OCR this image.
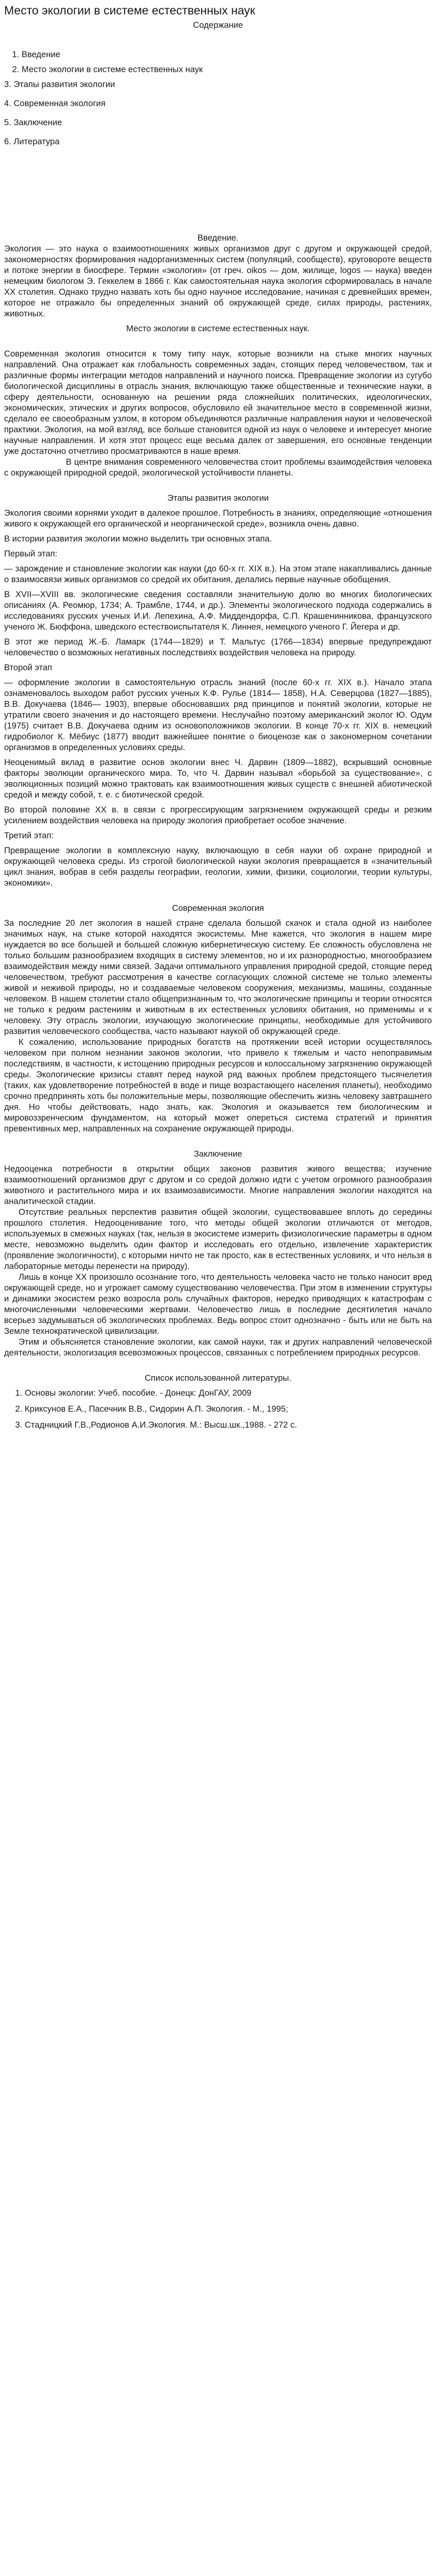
Место экологии в системе естественных наук
Содержание
1. Введение
2. Место экологии в системе естественных наук
3. Этапы развития экологии
4. Современная экология
5. Заключение
6. Литература
Введение.

Экология — это наука о взаимоотношениях живых организмов друг с другом и окружающей средой, закономерностях формирования надорганизменных систем (популяций, сообществ), круговороте веществ и потоке энергии в биосфере. Термин «экология» (от греч. oikos — дом, жилище, logos — наука) введен немецким биологом Э. Геккелем в 1866 г. Как самостоятельная наука экология сформировалась в начале ХХ столетия. Однако трудно назвать хоть бы одно научное исследование, начиная с древнейших времен, которое не отражало бы определенных знаний об окружающей среде, силах природы, растениях, животных.

Место экологии в системе естественных наук.

Современная экология относится к тому типу наук, которые возникли на стыке многих научных направлений. Она отражает как глобальность современных задач, стоящих перед человечеством, так и различные формы интеграции методов направлений и научного поиска. Превращение экологии из сугубо биологической дисциплины в отрасль знания, включающую также общественные и технические науки, в сферу деятельности, основанную на решении ряда сложнейших политических, идеологических, экономических, этических и других вопросов, обусловило ей значительное место в современной жизни, сделало ее своеобразным узлом, в котором объединяются различные направления науки и человеческой практики. Экология, на мой взгляд, все больше становится одной из наук о человеке и интересует многие научные направления. И хотя этот процесс еще весьма далек от завершения, его основные тенденции уже достаточно отчетливо просматриваются в наше время.

В центре внимания современного человечества стоит проблемы взаимодействия человека с окружающей природной средой, экологической устойчивости планеты.

Этапы развития экологии

Экология своими корнями уходит в далекое прошлое. Потребность в знаниях, определяющие «отношения живого к окружающей его органической и неорганической среде», возникла очень давно.

В истории развития экологии можно выделить три основных этапа.

Первый этап:

— зарождение и становление экологии как науки (до 60-х гг. XIX в.). На этом этапе накапливались данные о взаимосвязи живых организмов со средой их обитания, делались первые научные обобщения.

В XVII—XVIII вв. экологические сведения составляли значительную долю во многих биологических описаниях (А. Реомюр, 1734; А. Трамбле, 1744, и др.). Элементы экологического подхода содержались в исследованиях русских ученых И.И. Лепехина, А.Ф. Миддендорфа, С.П. Крашенинникова, французского ученого Ж. Бюффона, шведского естествоиспытателя К. Линнея, немецкого ученого Г. Йегера и др.

В этот же период Ж.-Б. Ламарк (1744—1829) и Т. Мальтус (1766—1834) впервые предупреждают человечество о возможных негативных последствиях воздействия человека на природу.

Второй этап

— оформление экологии в самостоятельную отрасль знаний (после 60-х гг. XIX в.). Начало этапа ознаменовалось выходом работ русских ученых К.Ф. Рулье (1814— 1858), Н.А. Северцова (1827—1885), В.В. Докучаева (1846— 1903), впервые обосновавших ряд принципов и понятий экологии, которые не утратили своего значения и до настоящего времени. Неслучайно поэтому американский эколог Ю. Одум (1975) считает В.В. Докучаева одним из основоположников экологии. В конце 70-х гг. XIX в. немецкий гидробиолог К. Мёбиус (1877) вводит важнейшее понятие о биоценозе как о закономерном сочетании организмов в определенных условиях среды.

Неоценимый вклад в развитие основ экологии внес Ч. Дарвин (1809—1882), вскрывший основные факторы эволюции органического мира. То, что Ч. Дарвин называл «борьбой за существование», с эволюционных позиций можно трактовать как взаимоотношения живых существ с внешней абиотической средой и между собой, т. е. с биотической средой.

Во второй половине XX в. в связи с прогрессирующим загрязнением окружающей среды и резким усилением воздействия человека на природу экология приобретает особое значение.

Третий этап:

Превращение экологии в комплексную науку, включающую в себя науки об охране природной и окружающей человека среды. Из строгой биологической науки экология превращается в «значительный цикл знания, вобрав в себя разделы географии, геологии, химии, физики, социологии, теории культуры, экономики».

Современная экология

За последние 20 лет экология в нашей стране сделала большой скачок и стала одной из наиболее значимых наук, на стыке которой находятся экосистемы. Мне кажется, что экология в нашем мире нуждается во все большей и большей сложную кибернетическую систему. Ее сложность обусловлена не только большим разнообразием входящих в систему элементов, но и их разнородностью, многообразием взаимодействия между ними связей. Задачи оптимального управления природной средой, стоящие перед человечеством, требуют рассмотрения в качестве согласующих сложной системе не только элементы живой и неживой природы, но и создаваемые человеком сооружения, механизмы, машины, созданные человеком. В нашем столетии стало общепризнанным то, что экологические принципы и теории относятся не только к редким растениям и животным в их естественных условиях обитания, но применимы и к человеку. Эту отрасль экологии, изучающую экологические принципы, необходимые для устойчивого развития человеческого сообщества, часто называют наукой об окружающей среде.

К сожалению, использование природных богатств на протяжении всей истории осуществлялось человеком при полном незнании законов экологии, что привело к тяжелым и часто непоправимым последствиям, в частности, к истощению природных ресурсов и колоссальному загрязнению окружающей среды. Экологические кризисы ставят перед наукой ряд важных проблем предстоящего тысячелетия (таких, как удовлетворение потребностей в воде и пище возрастающего населения планеты), необходимо срочно предпринять хоть бы положительные меры, позволяющие обеспечить жизнь человеку завтрашнего дня. Но чтобы действовать, надо знать, как. Экология и оказывается тем биологическим и мировоззренческим фундаментом, на который может опереться система стратегий и принятия превентивных мер, направленных на сохранение окружающей природы.

Заключение

Недооценка потребности в открытии общих законов развития живого вещества; изучение взаимоотношений организмов друг с другом и со средой должно идти с учетом огромного разнообразия животного и растительного мира и их взаимозависимости. Многие направления экологии находятся на аналитической стадии.

Отсутствие реальных перспектив развития общей экологии, существовавшее вплоть до середины прошлого столетия. Недооценивание того, что методы общей экологии отличаются от методов, используемых в смежных науках (так, нельзя в экосистеме измерить физиологические параметры в одном месте, невозможно выделить один фактор и исследовать его отдельно, извлечение характеристик (проявление экологичности), с которыми ничто не так просто, как в естественных условиях, и что нельзя в лабораторные методы перенести на природу).

Лишь в конце XX произошло осознание того, что деятельность человека часто не только наносит вред окружающей среде, но и угрожает самому существованию человечества. При этом в изменении структуры и динамики экосистем резко возросла роль случайных факторов, нередко приводящих к катастрофам с многочисленными человеческими жертвами. Человечество лишь в последние десятилетия начало всерьез задумываться об экологических проблемах. Ведь вопрос стоит однозначно - быть или не быть на Земле технократической цивилизации.

Этим и объясняется становление экологии, как самой науки, так и других направлений человеческой деятельности, экологизация всевозможных процессов, связанных с потреблением природных ресурсов.

Список использованной литературы.
1. Основы экологии: Учеб. пособие. - Донецк: ДонГАУ, 2009
2. Криксунов Е.А., Пасечник В.В., Сидорин А.П. Экология. - М., 1995;
3. Стадницкий Г.В.,Родионов А.И.Экология. М.: Высш.шк.,1988. - 272 с.
